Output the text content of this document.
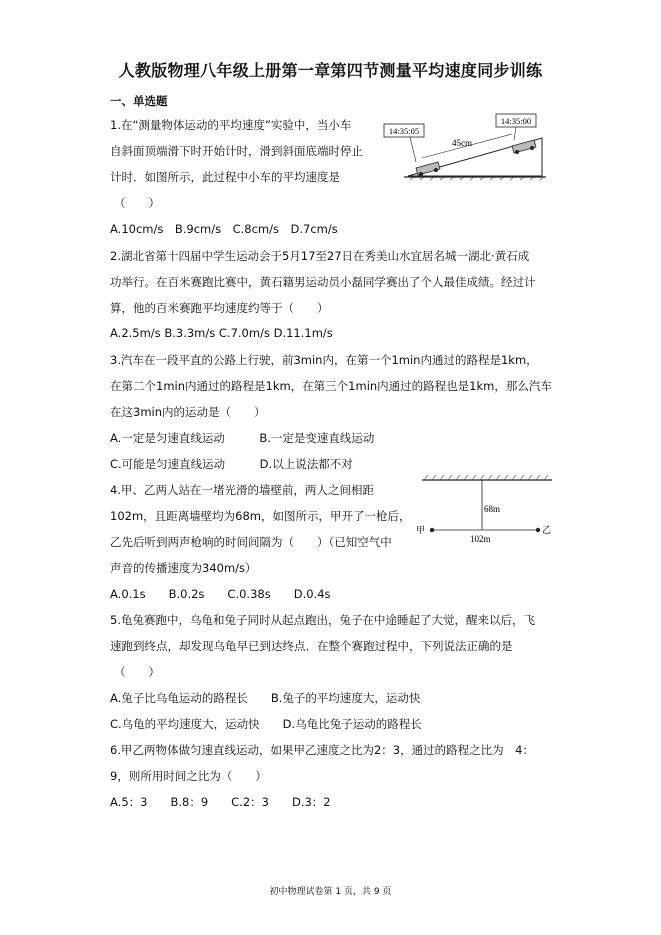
人教版物理八年级上册第一章第四节测量平均速度同步训练
一、单选题
1.在“测量物体运动的平均速度”实验中，当小车
自斜面顶端滑下时开始计时，滑到斜面底端时停止
计时．如图所示，此过程中小车的平均速度是
（　　）
A.10cm/s　B.9cm/s　C.8cm/s　D.7cm/s
14:35:05
14:35:00
45cm
2.湖北省第十四届中学生运动会于5月17至27日在秀美山水宜居名城一湖北·黄石成
功举行。在百米赛跑比赛中，黄石籍男运动员小磊同学赛出了个人最佳成绩。经过计
算，他的百米赛跑平均速度约等于（　　）
A.2.5m/s B.3.3m/s C.7.0m/s D.11.1m/s
3.汽车在一段平直的公路上行驶，前3min内，在第一个1min内通过的路程是1km，
在第二个1min内通过的路程是1km，在第三个1min内通过的路程也是1km，那么汽车
在这3min内的运动是（　　）
A.一定是匀速直线运动　　　B.一定是变速直线运动
C.可能是匀速直线运动　　　D.以上说法都不对
4.甲、乙两人站在一堵光滑的墙壁前，两人之间相距
102m，且距离墙壁均为68m，如图所示，甲开了一枪后，
乙先后听到两声枪响的时间间隔为（　　）（已知空气中
声音的传播速度为340m/s）
A.0.1s　　B.0.2s　　C.0.38s　　D.0.4s
68m
甲	乙
102m
5.龟兔赛跑中，乌龟和兔子同时从起点跑出，兔子在中途睡起了大觉，醒来以后，飞
速跑到终点，却发现乌龟早已到达终点．在整个赛跑过程中，下列说法正确的是
（　　）
A.兔子比乌龟运动的路程长　　B.兔子的平均速度大，运动快
C.乌龟的平均速度大，运动快　　D.乌龟比兔子运动的路程长
6.甲乙两物体做匀速直线运动，如果甲乙速度之比为2：3，通过的路程之比为　4：
9，则所用时间之比为（　　）
A.5：3　　B.8：9　　C.2：3　　D.3：2
初中物理试卷第 1 页，共 9 页
